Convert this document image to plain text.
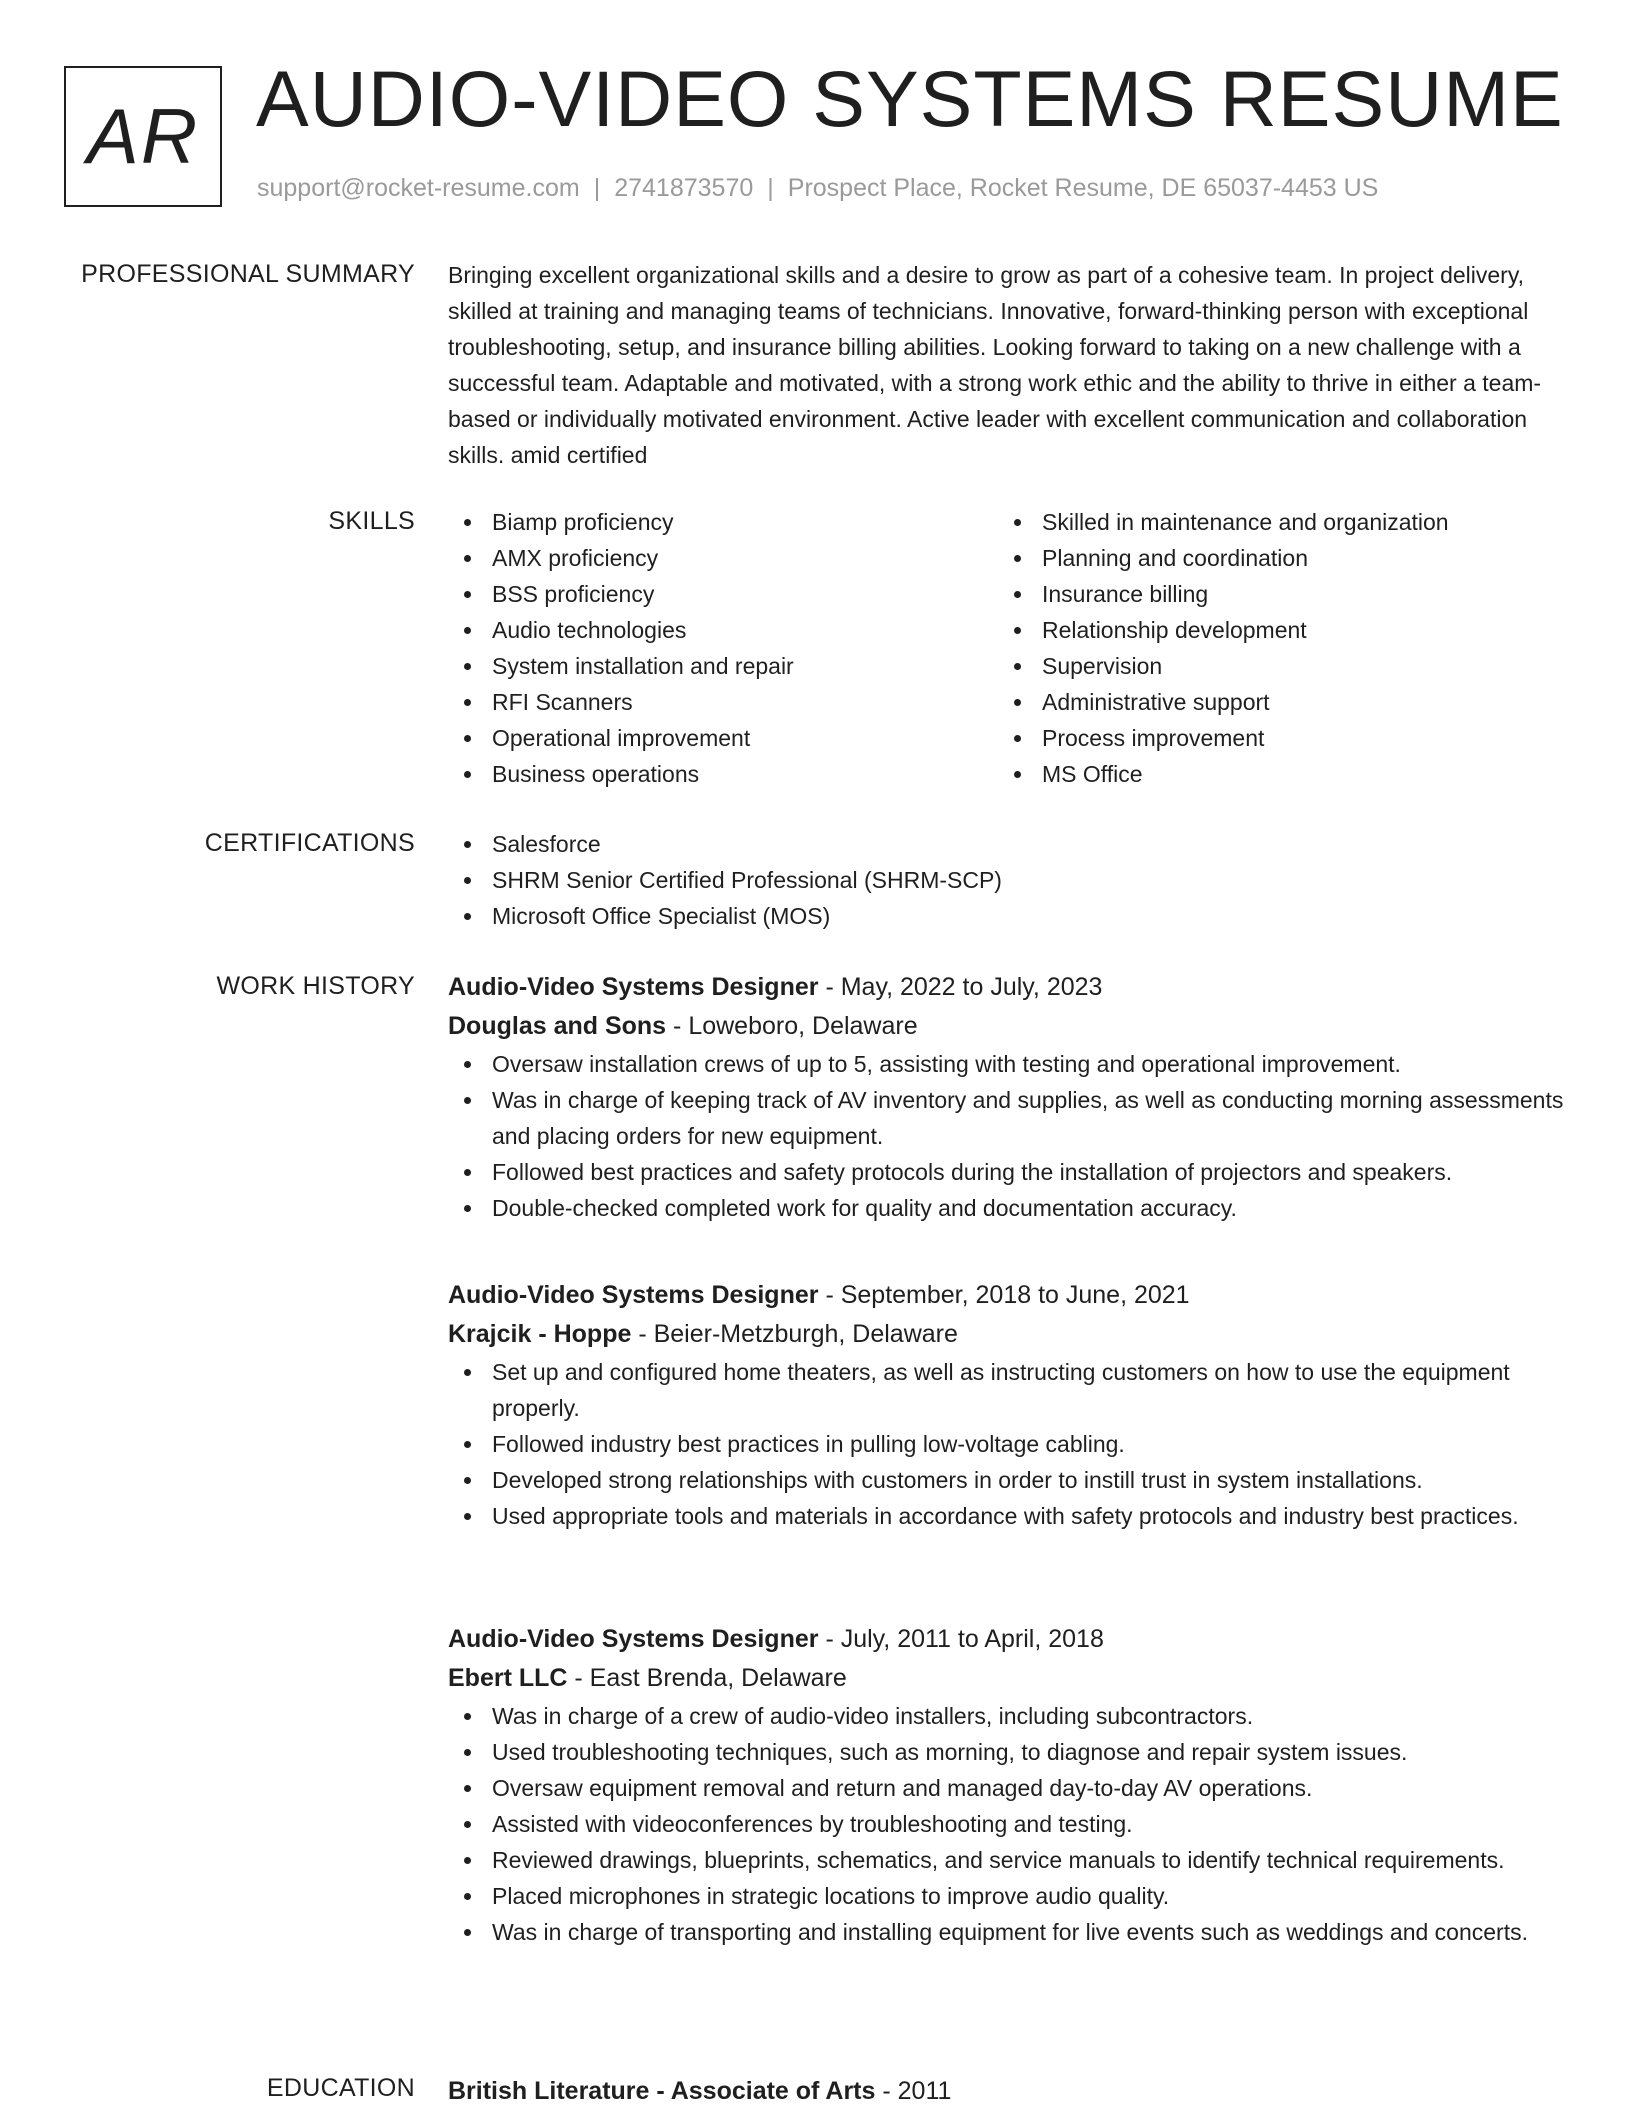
AR AUDIO-VIDEO SYSTEMS RESUME
support@rocket-resume.com | 2741873570 | Prospect Place, Rocket Resume, DE 65037-4453 US
PROFESSIONAL SUMMARY Bringing excellent organizational skills and a desire to grow as part of a cohesive team. In project delivery, skilled at training and managing teams of technicians. Innovative, forward-thinking person with exceptional troubleshooting, setup, and insurance billing abilities. Looking forward to taking on a new challenge with a successful team. Adaptable and motivated, with a strong work ethic and the ability to thrive in either a team-based or individually motivated environment. Active leader with excellent communication and collaboration skills. amid certified

SKILLS	Biamp proficiency
AMX proficiency
BSS proficiency
Audio technologies
System installation and repair
RFI Scanners
Operational improvement
Business operations
Skilled in maintenance and organization
Planning and coordination
Insurance billing
Relationship development
Supervision
Administrative support
Process improvement
MS Office
CERTIFICATIONS	Salesforce
SHRM Senior Certified Professional (SHRM-SCP)
Microsoft Office Specialist (MOS)
WORK HISTORY Audio-Video Systems Designer - May, 2022 to July, 2023
Douglas and Sons - Loweboro, Delaware
Oversaw installation crews of up to 5, assisting with testing and operational improvement.
Was in charge of keeping track of AV inventory and supplies, as well as conducting morning assessments and placing orders for new equipment.
Followed best practices and safety protocols during the installation of projectors and speakers.
Double-checked completed work for quality and documentation accuracy.
Audio-Video Systems Designer - September, 2018 to June, 2021
Krajcik - Hoppe - Beier-Metzburgh, Delaware
Set up and configured home theaters, as well as instructing customers on how to use the equipment properly.
Followed industry best practices in pulling low-voltage cabling.
Developed strong relationships with customers in order to instill trust in system installations.
Used appropriate tools and materials in accordance with safety protocols and industry best practices.
Audio-Video Systems Designer - July, 2011 to April, 2018
Ebert LLC - East Brenda, Delaware
Was in charge of a crew of audio-video installers, including subcontractors.
Used troubleshooting techniques, such as morning, to diagnose and repair system issues.
Oversaw equipment removal and return and managed day-to-day AV operations.
Assisted with videoconferences by troubleshooting and testing.
Reviewed drawings, blueprints, schematics, and service manuals to identify technical requirements.
Placed microphones in strategic locations to improve audio quality.
Was in charge of transporting and installing equipment for live events such as weddings and concerts.
EDUCATION British Literature - Associate of Arts - 2011
